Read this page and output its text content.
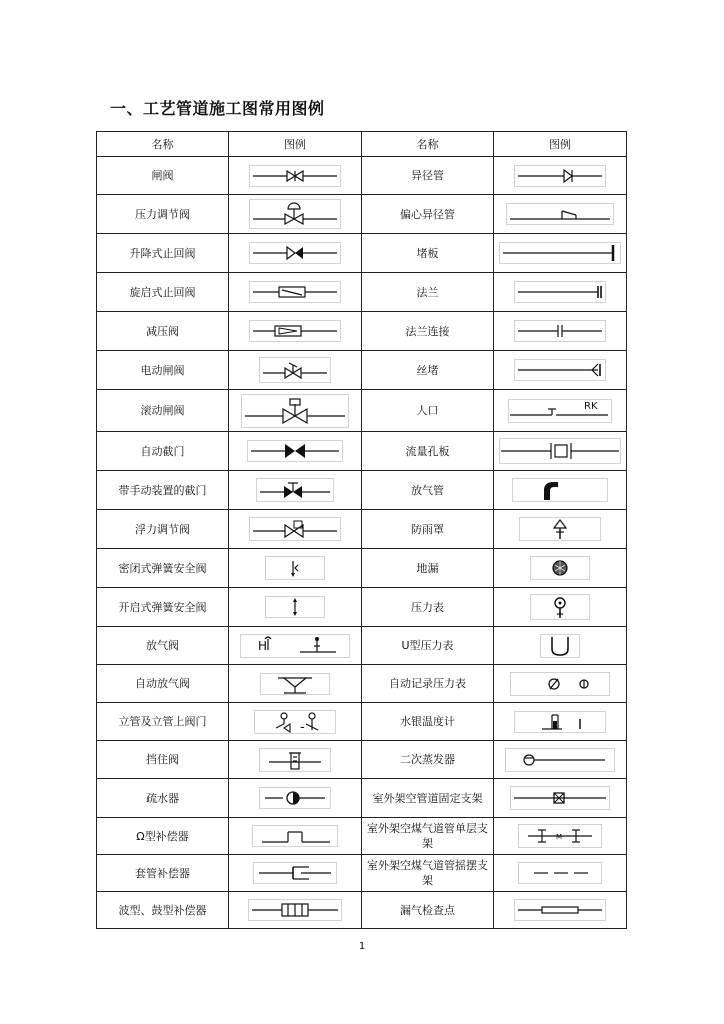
一、工艺管道施工图常用图例
名称	图例	名称	图例
闸阀		异径管	

压力调节阀		偏心异径管	

升降式止回阀		堵板	

旋启式止回阀		法兰	

减压阀		法兰连接	

电动闸阀		丝堵	

滚动闸阀		人口	RK

自动截门		流量孔板	

带手动装置的截门		放气管	

浮力调节阀		防雨罩	

密闭式弹簧安全阀		地漏	

开启式弹簧安全阀		压力表	

放气阀	H	U型压力表	

自动放气阀		自动记录压力表	

立管及立管上阀门	-	水银温度计	

挡住阀		二次蒸发器	

疏水器		室外架空管道固定支架	

Ω型补偿器		室外架空煤气道管单层支架	M

套管补偿器		室外架空煤气道管摇摆支架	

波型、鼓型补偿器		漏气检查点	
1
